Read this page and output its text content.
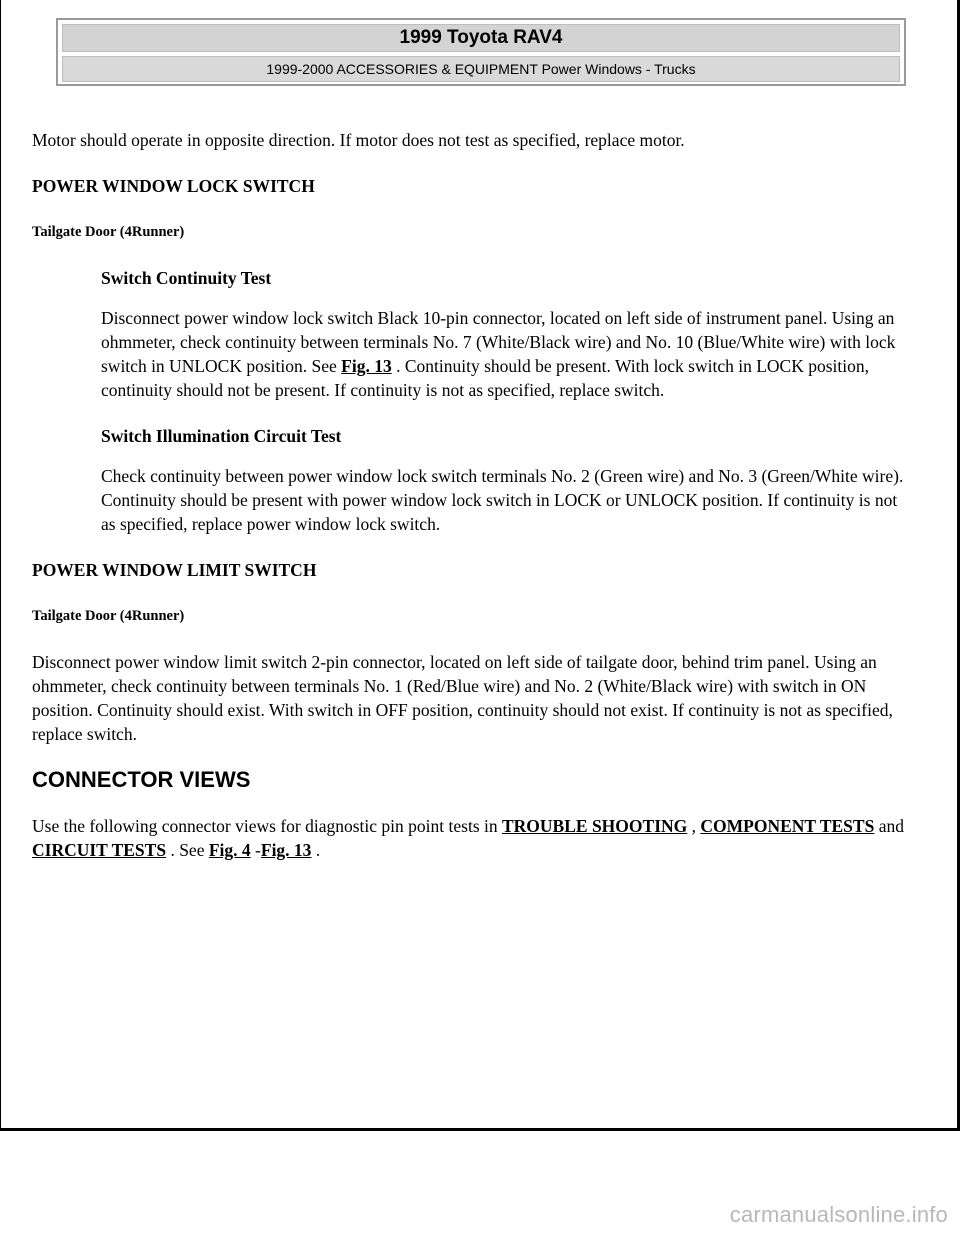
1999 Toyota RAV4
1999-2000 ACCESSORIES & EQUIPMENT Power Windows - Trucks

Motor should operate in opposite direction. If motor does not test as specified, replace motor.

POWER WINDOW LOCK SWITCH

Tailgate Door (4Runner)

Switch Continuity Test

Disconnect power window lock switch Black 10-pin connector, located on left side of instrument panel. Using an ohmmeter, check continuity between terminals No. 7 (White/Black wire) and No. 10 (Blue/White wire) with lock switch in UNLOCK position. See Fig. 13 . Continuity should be present. With lock switch in LOCK position, continuity should not be present. If continuity is not as specified, replace switch.

Switch Illumination Circuit Test

Check continuity between power window lock switch terminals No. 2 (Green wire) and No. 3 (Green/White wire). Continuity should be present with power window lock switch in LOCK or UNLOCK position. If continuity is not as specified, replace power window lock switch.

POWER WINDOW LIMIT SWITCH

Tailgate Door (4Runner)

Disconnect power window limit switch 2-pin connector, located on left side of tailgate door, behind trim panel. Using an ohmmeter, check continuity between terminals No. 1 (Red/Blue wire) and No. 2 (White/Black wire) with switch in ON position. Continuity should exist. With switch in OFF position, continuity should not exist. If continuity is not as specified, replace switch.

CONNECTOR VIEWS

Use the following connector views for diagnostic pin point tests in TROUBLE SHOOTING , COMPONENT TESTS and CIRCUIT TESTS . See Fig. 4 -Fig. 13 .

carmanualsonline.info
